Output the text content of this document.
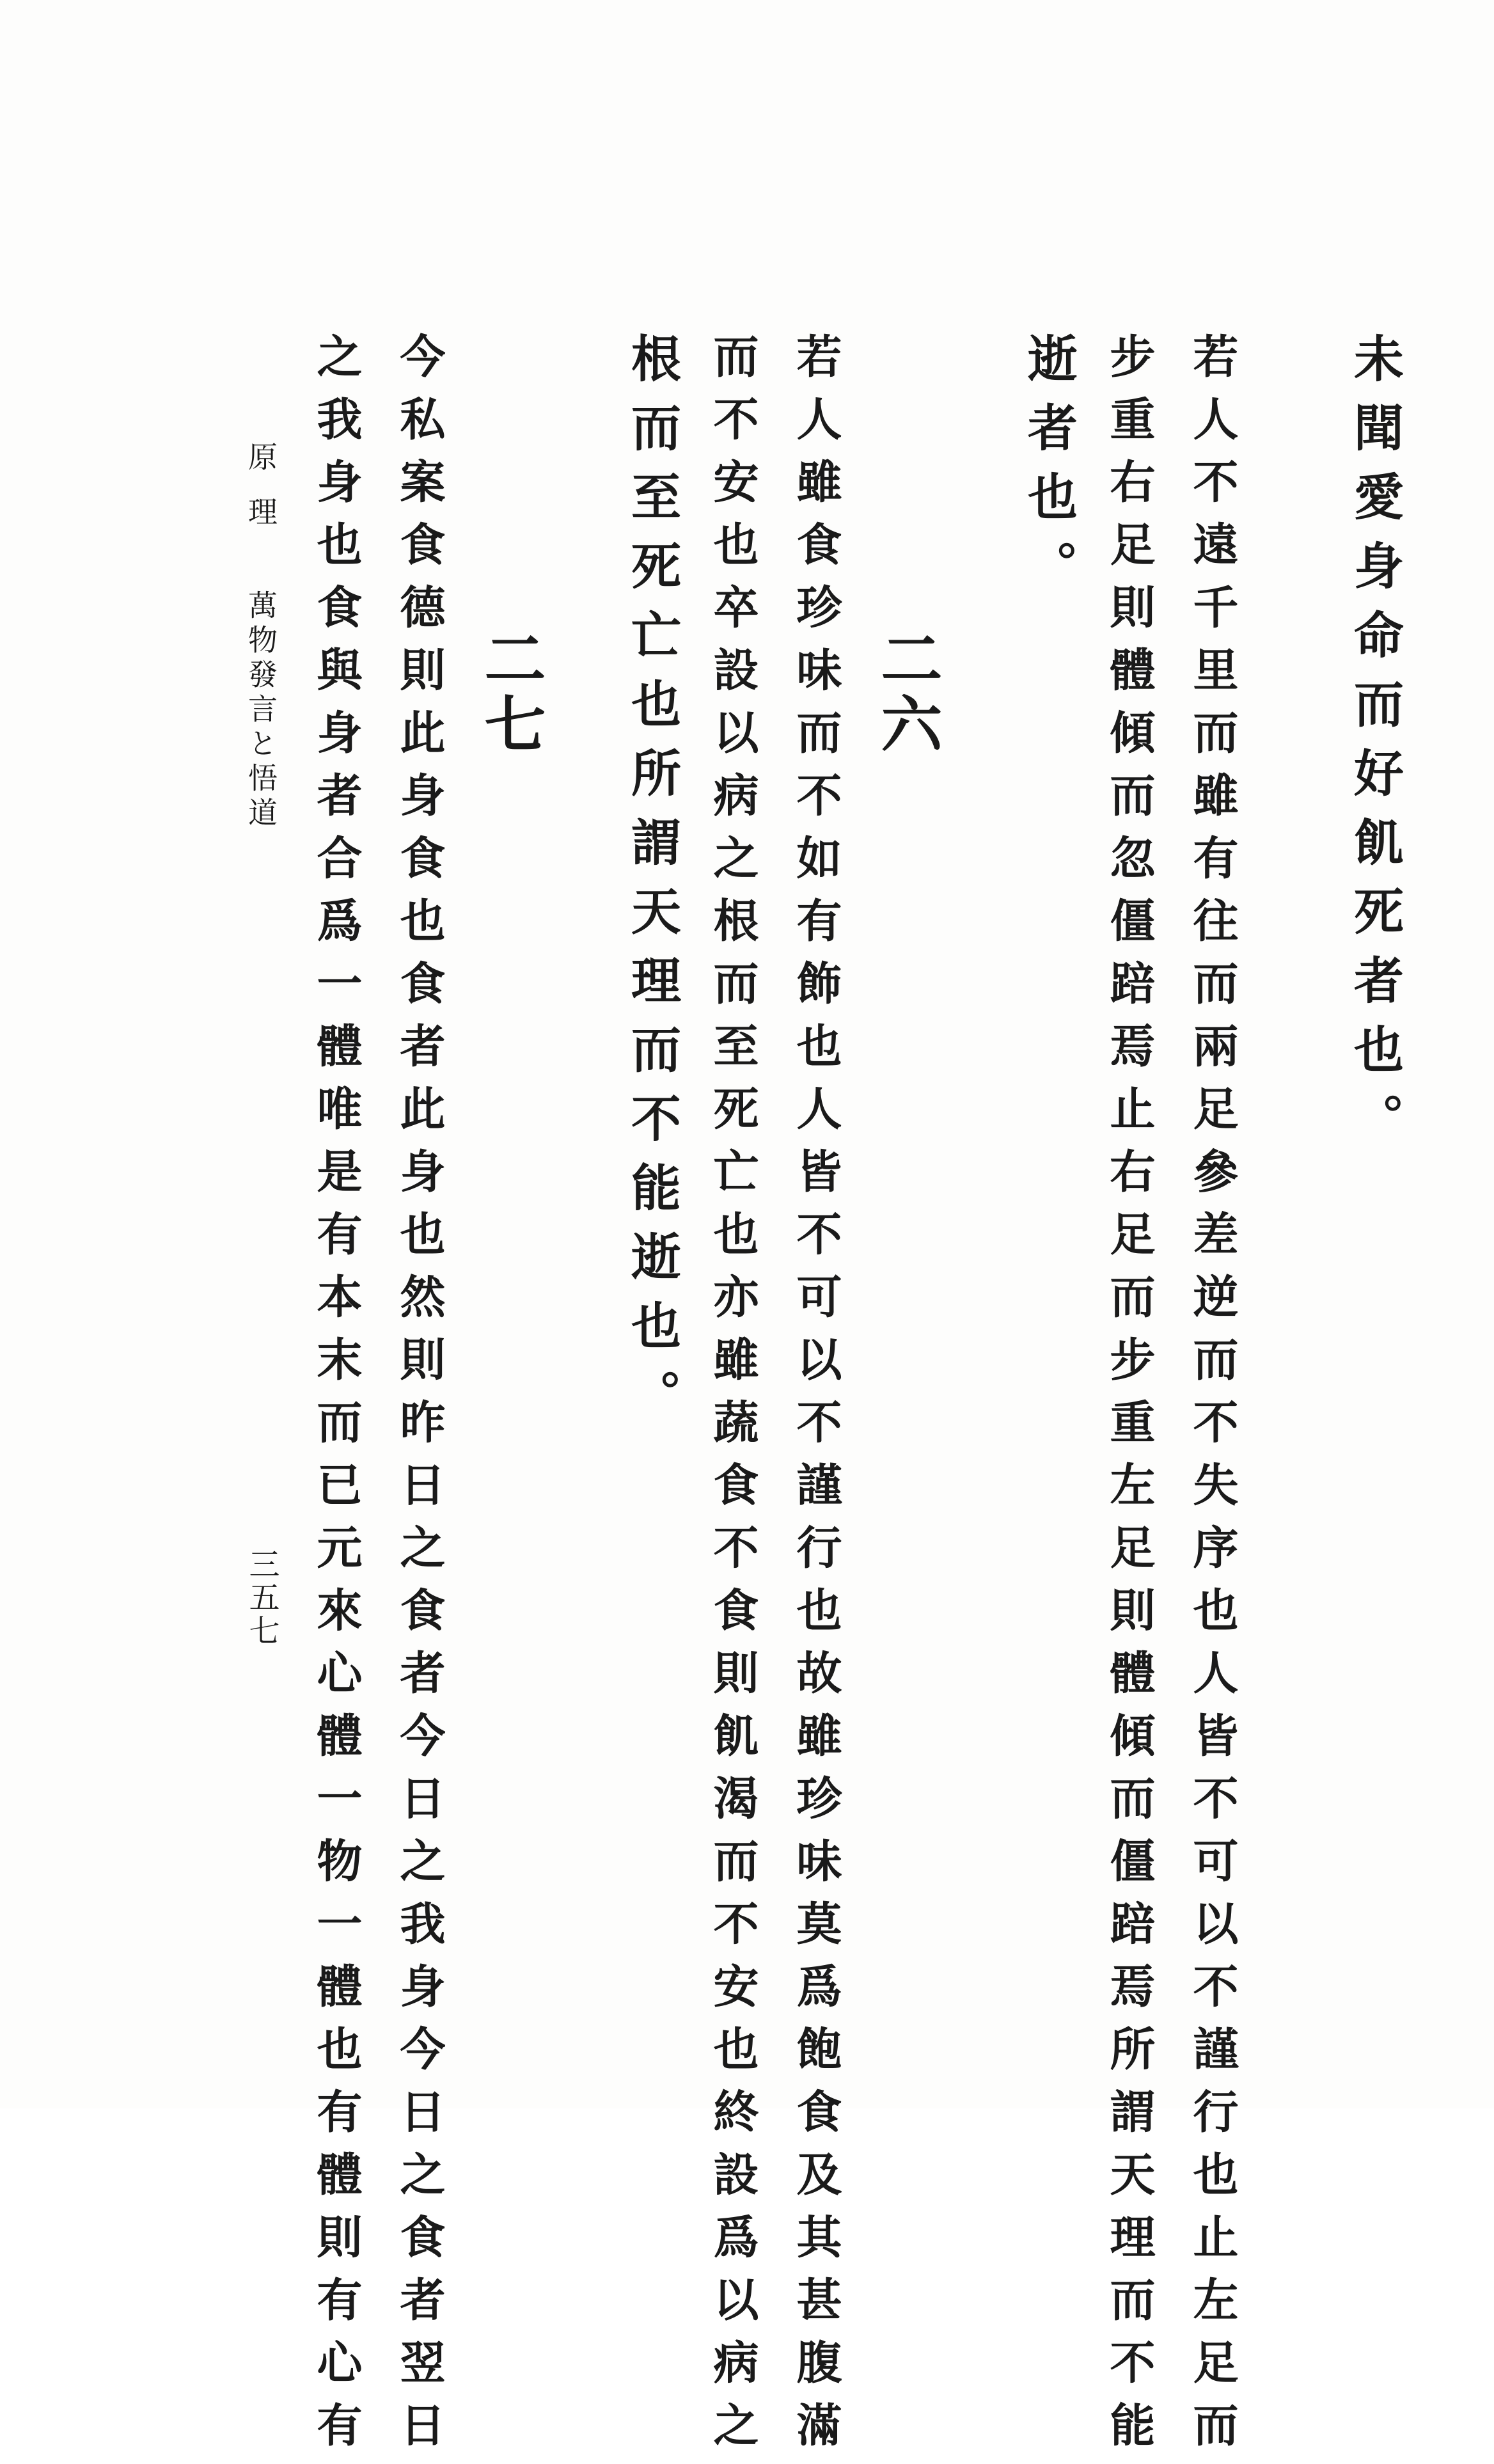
未聞愛身命而好飢死者也。
若人不遠千里而雖有往而兩足參差逆而不失序也人皆不可以不謹行也止左足而
步重右足則體傾而忽僵踣焉止右足而步重左足則體傾而僵踣焉所謂天理而不能
逝者也。
二六
若人雖食珍味而不如有飾也人皆不可以不謹行也故雖珍味莫爲飽食及其甚腹滿
而不安也卒設以病之根而至死亡也亦雖蔬食不食則飢渴而不安也終設爲以病之
根而至死亡也所謂天理而不能逝也。
二七
今私案食德則此身食也食者此身也然則昨日之食者今日之我身今日之食者翌日
之我身也食與身者合爲一體唯是有本末而已元來心體一物一體也有體則有心有
原理萬物發言と悟道
三五七
